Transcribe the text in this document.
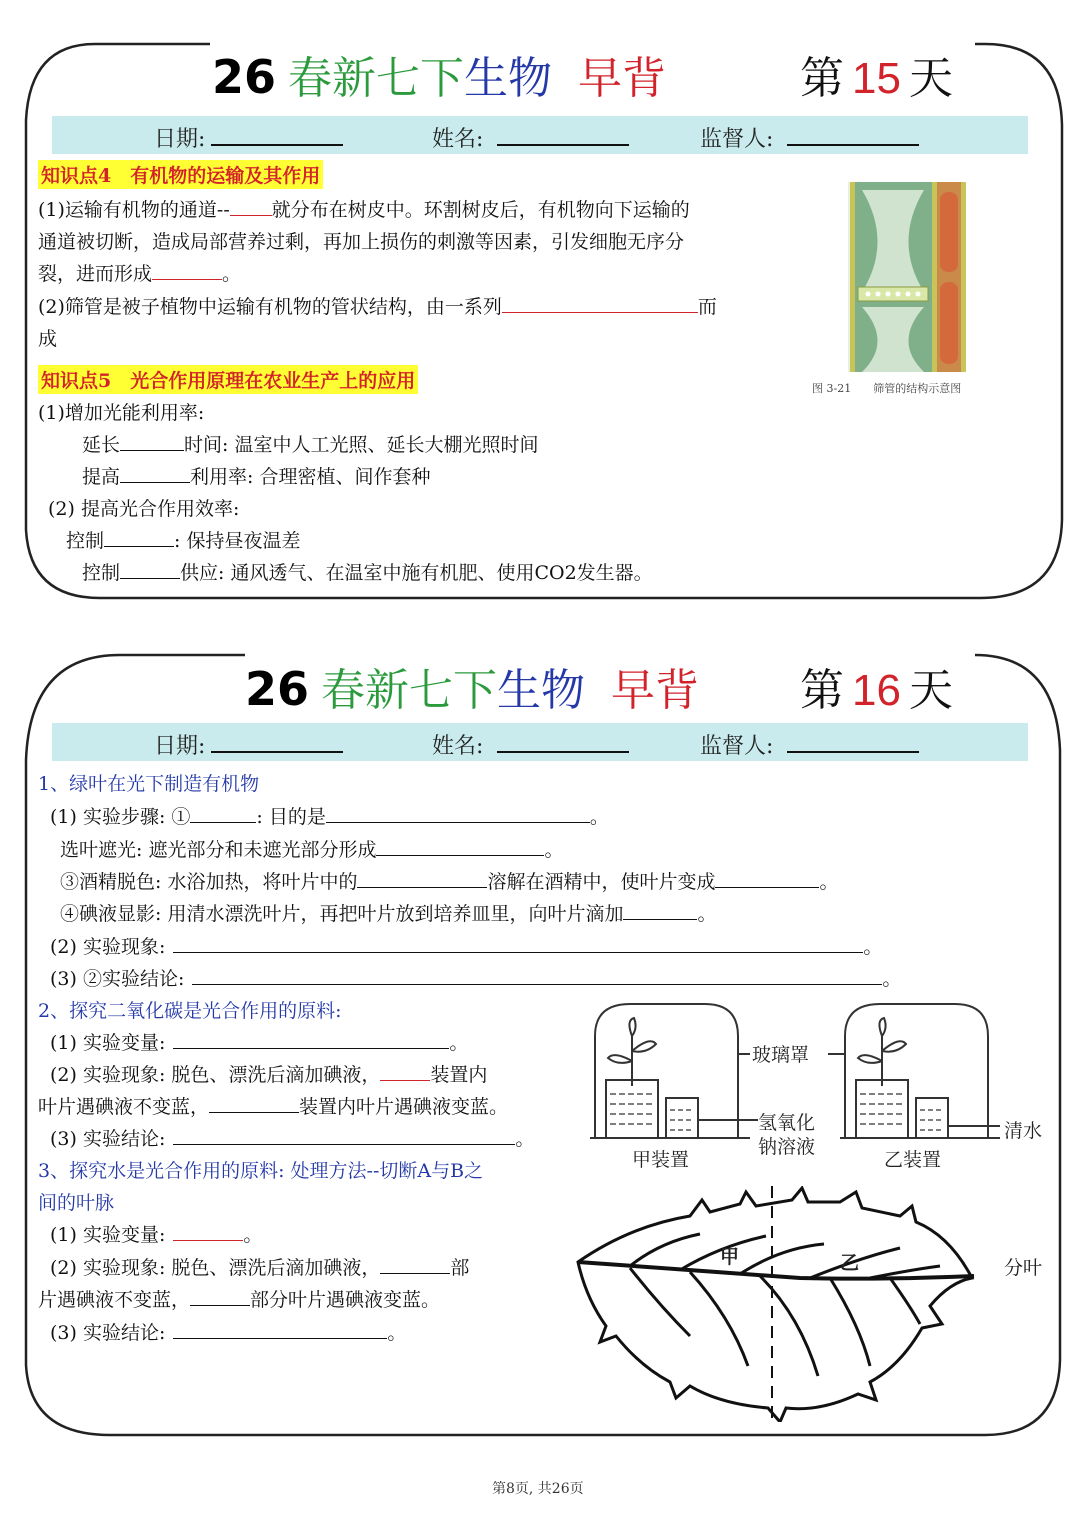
26 春新七下 生物 早背	第 15 天
日期:	姓名:	监督人:
知识点4　有机物的运输及其作用
(1)运输有机物的通道-- 就分布在树皮中。环割树皮后，有机物向下运输的
通道被切断，造成局部营养过剩，再加上损伤的刺激等因素，引发细胞无序分
裂，进而形成	。
(2)筛管是被子植物中运输有机物的管状结构，由一系列	而
成
图 3-21　　筛管的结构示意图
知识点5　光合作用原理在农业生产上的应用
(1)增加光能利用率:
延长	时间: 温室中人工光照、延长大棚光照时间
提高	利用率: 合理密植、间作套种
(2) 提高光合作用效率:
控制	: 保持昼夜温差
控制	供应: 通风透气、在温室中施有机肥、使用CO2发生器。
26 春新七下 生物 早背 第 16 天
日期:	姓名:	监督人:
1、绿叶在光下制造有机物
(1) 实验步骤: ①	: 目的是	。
选叶遮光: 遮光部分和未遮光部分形成	。
③酒精脱色: 水浴加热，将叶片中的	溶解在酒精中，使叶片变成	。
④碘液显影: 用清水漂洗叶片，再把叶片放到培养皿里，向叶片滴加	。
(2) 实验现象:	。
(3) ②实验结论:	。
2、探究二氧化碳是光合作用的原料:
(1) 实验变量:	。
(2) 实验现象: 脱色、漂洗后滴加碘液，	装置内
叶片遇碘液不变蓝，	装置内叶片遇碘液变蓝。
(3) 实验结论:	。
玻璃罩
氢氧化
钠溶液
清水
甲装置	乙装置
3、探究水是光合作用的原料: 处理方法--切断A与B之
间的叶脉
(1) 实验变量:	。
(2) 实验现象: 脱色、漂洗后滴加碘液，	部	分叶
片遇碘液不变蓝，	部分叶片遇碘液变蓝。
(3) 实验结论:	。
甲	乙
第8页, 共26页
